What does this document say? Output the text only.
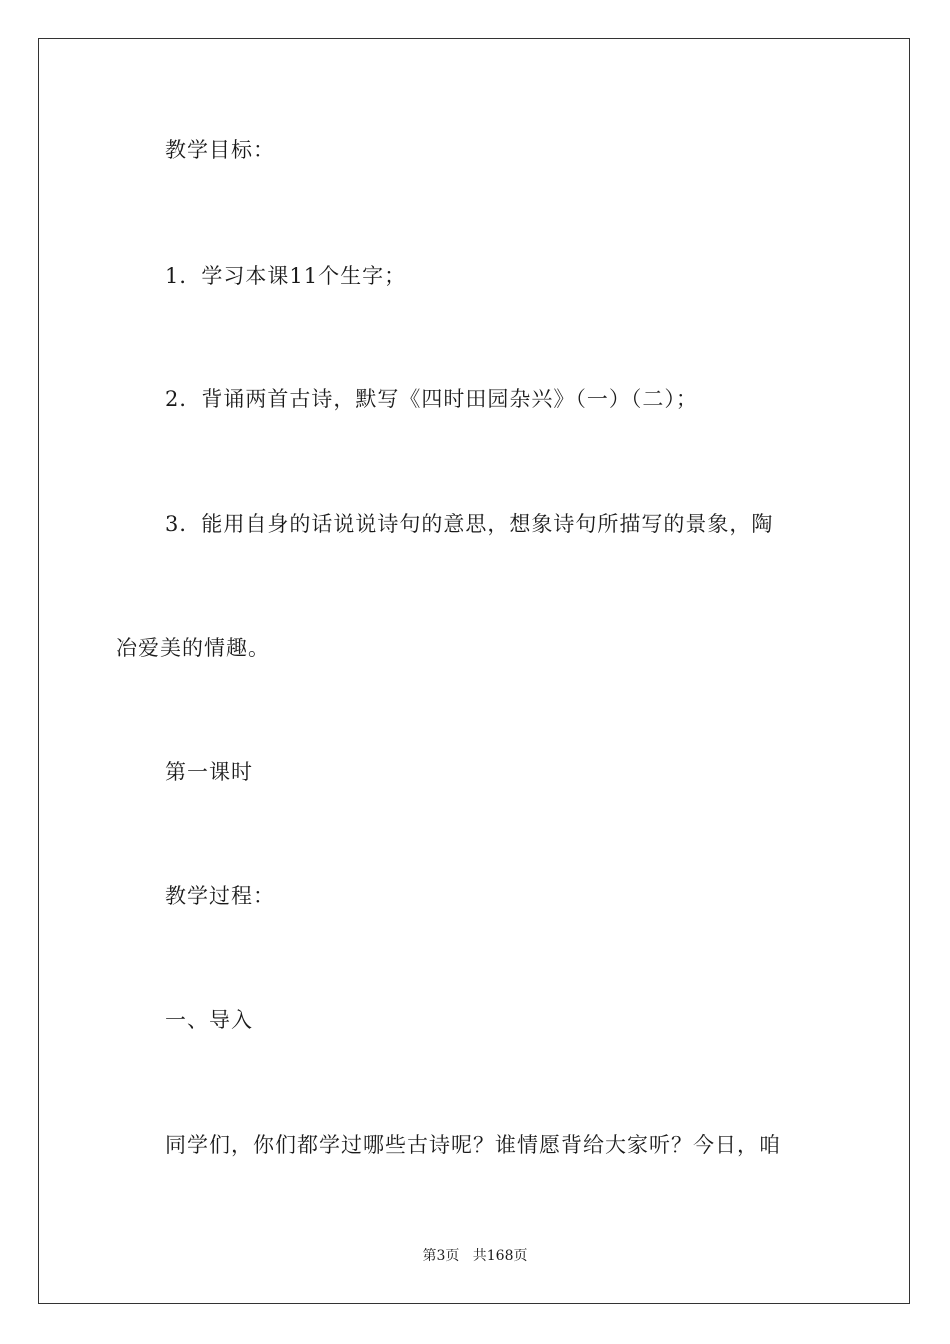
教学目标：
1．学习本课11个生字；
2．背诵两首古诗，默写《四时田园杂兴》（一）（二）；
3．能用自身的话说说诗句的意思，想象诗句所描写的景象，陶
冶爱美的情趣。
第一课时
教学过程：
一、导入
同学们，你们都学过哪些古诗呢？谁情愿背给大家听？今日，咱
第3页 共168页
